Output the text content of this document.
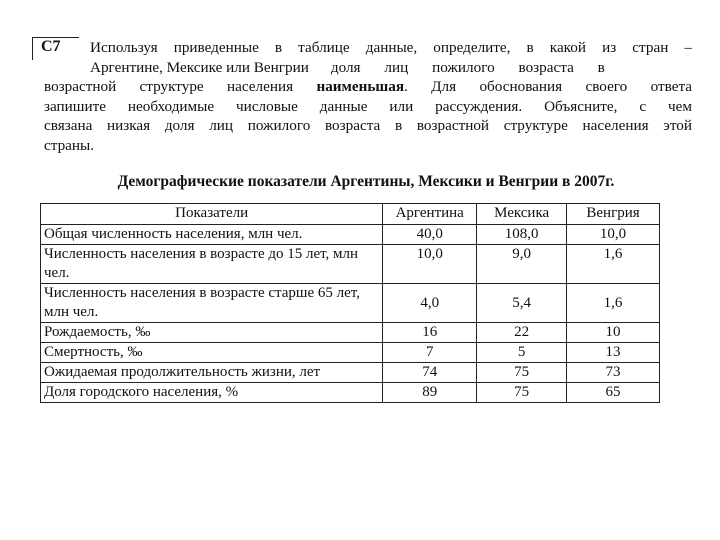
С7	Используя приведенные в таблице данные, определите, в какой из стран –
Аргентине, Мексике или Венгрии доля лиц пожилого возраста в
возрастной структуре населения наименьшая. Для обоснования своего ответа
запишите необходимые числовые данные или рассуждения. Объясните, с чем
связана низкая доля лиц пожилого возраста в возрастной структуре населения этой
страны.
Демографические показатели Аргентины, Мексики и Венгрии в 2007г.
Показатели	Аргентина	Мексика	Венгрия
Общая численность населения, млн чел.	40,0	108,0	10,0
Численность населения в возрасте до 15 лет, млн чел.	10,0	9,0	1,6
Численность населения в возрасте старше 65 лет, млн чел.	4,0	5,4	1,6
Рождаемость, ‰	16	22	10
Смертность, ‰	7	5	13
Ожидаемая продолжительность жизни, лет	74	75	73
Доля городского населения, %	89	75	65
